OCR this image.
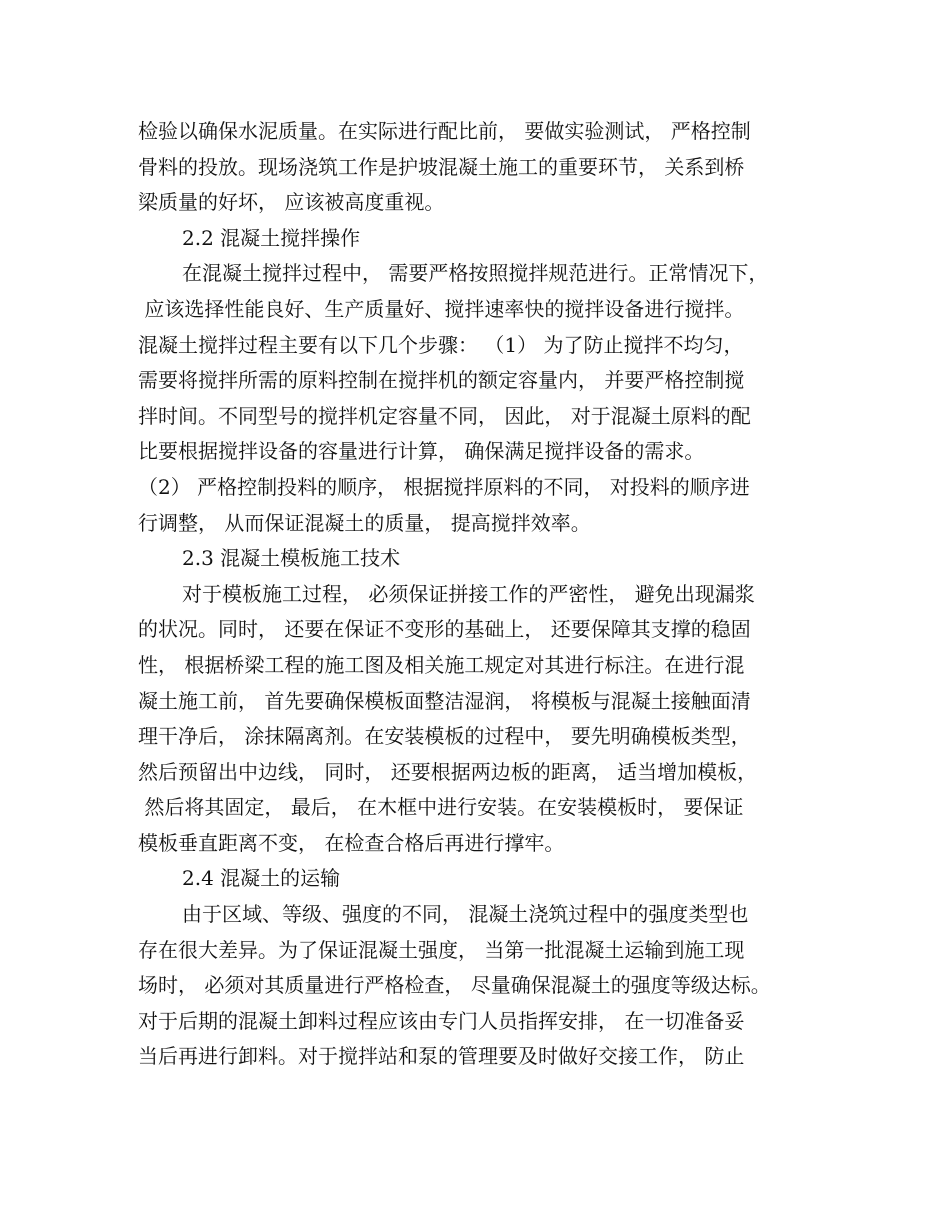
检验以确保水泥质量。在实际进行配比前， 要做实验测试， 严格控制
骨料的投放。现场浇筑工作是护坡混凝土施工的重要环节， 关系到桥
梁质量的好坏， 应该被高度重视。
2.2 混凝土搅拌操作
在混凝土搅拌过程中， 需要严格按照搅拌规范进行。正常情况下，
应该选择性能良好、生产质量好、搅拌速率快的搅拌设备进行搅拌。
混凝土搅拌过程主要有以下几个步骤： （1） 为了防止搅拌不均匀，
需要将搅拌所需的原料控制在搅拌机的额定容量内， 并要严格控制搅
拌时间。不同型号的搅拌机定容量不同， 因此， 对于混凝土原料的配
比要根据搅拌设备的容量进行计算， 确保满足搅拌设备的需求。
（2） 严格控制投料的顺序， 根据搅拌原料的不同， 对投料的顺序进
行调整， 从而保证混凝土的质量， 提高搅拌效率。
2.3 混凝土模板施工技术
对于模板施工过程， 必须保证拼接工作的严密性， 避免出现漏浆
的状况。同时， 还要在保证不变形的基础上， 还要保障其支撑的稳固
性， 根据桥梁工程的施工图及相关施工规定对其进行标注。在进行混
凝土施工前， 首先要确保模板面整洁湿润， 将模板与混凝土接触面清
理干净后， 涂抹隔离剂。在安装模板的过程中， 要先明确模板类型，
然后预留出中边线， 同时， 还要根据两边板的距离， 适当增加模板，
然后将其固定， 最后， 在木框中进行安装。在安装模板时， 要保证
模板垂直距离不变， 在检查合格后再进行撑牢。
2.4 混凝土的运输
由于区域、等级、强度的不同， 混凝土浇筑过程中的强度类型也
存在很大差异。为了保证混凝土强度， 当第一批混凝土运输到施工现
场时， 必须对其质量进行严格检查， 尽量确保混凝土的强度等级达标。
对于后期的混凝土卸料过程应该由专门人员指挥安排， 在一切准备妥
当后再进行卸料。对于搅拌站和泵的管理要及时做好交接工作， 防止
